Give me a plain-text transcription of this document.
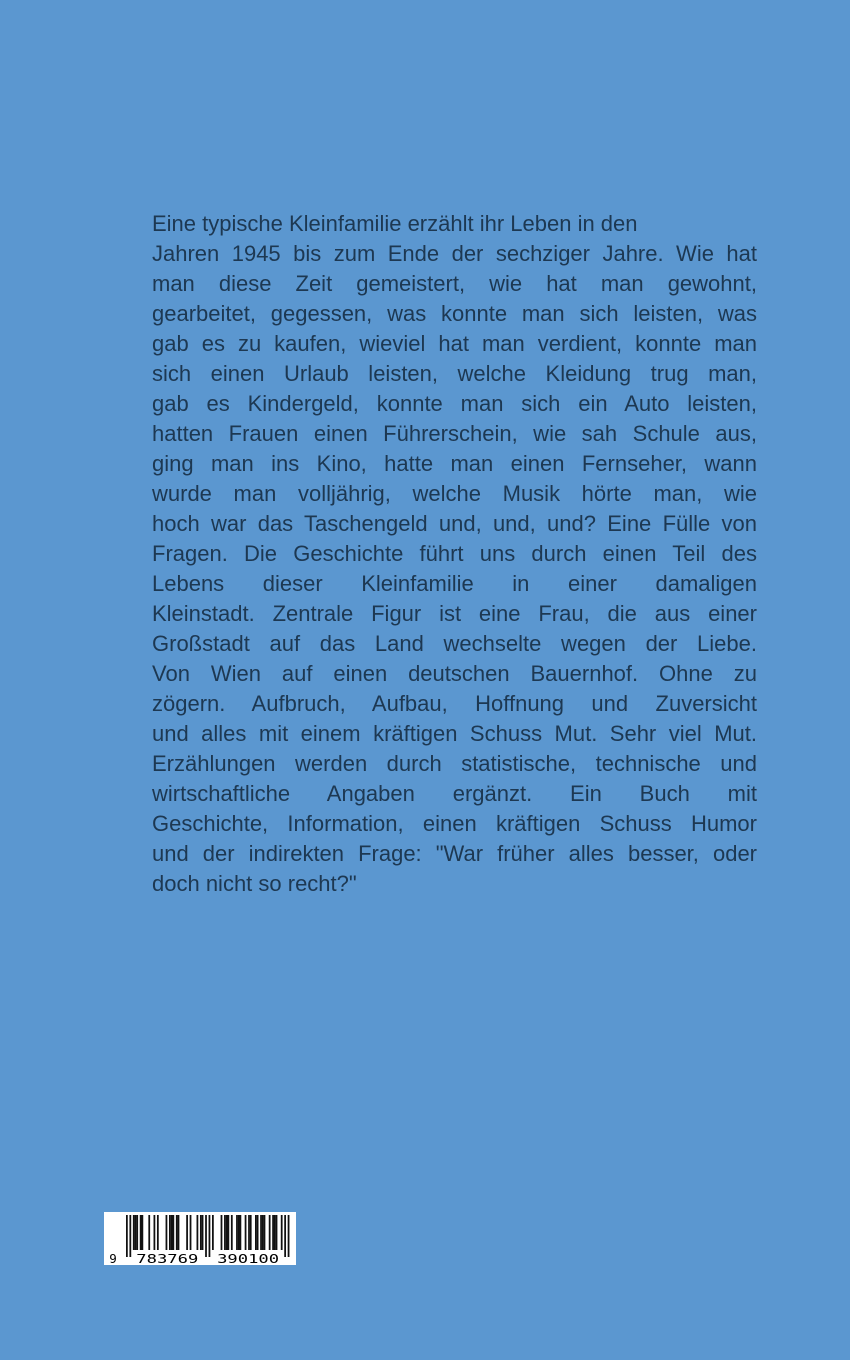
Eine typische Kleinfamilie erzählt ihr Leben in den
Jahren 1945 bis zum Ende der sechziger Jahre. Wie hat
man diese Zeit gemeistert, wie hat man gewohnt,
gearbeitet, gegessen, was konnte man sich leisten, was
gab es zu kaufen, wieviel hat man verdient, konnte man
sich einen Urlaub leisten, welche Kleidung trug man,
gab es Kindergeld, konnte man sich ein Auto leisten,
hatten Frauen einen Führerschein, wie sah Schule aus,
ging man ins Kino, hatte man einen Fernseher, wann
wurde man volljährig, welche Musik hörte man, wie
hoch war das Taschengeld und, und, und? Eine Fülle von
Fragen. Die Geschichte führt uns durch einen Teil des
Lebens dieser Kleinfamilie in einer damaligen
Kleinstadt. Zentrale Figur ist eine Frau, die aus einer
Großstadt auf das Land wechselte wegen der Liebe.
Von Wien auf einen deutschen Bauernhof. Ohne zu
zögern. Aufbruch, Aufbau, Hoffnung und Zuversicht
und alles mit einem kräftigen Schuss Mut. Sehr viel Mut.
Erzählungen werden durch statistische, technische und
wirtschaftliche Angaben ergänzt. Ein Buch mit
Geschichte, Information, einen kräftigen Schuss Humor
und der indirekten Frage: "War früher alles besser, oder
doch nicht so recht?"
9 783769 390100
